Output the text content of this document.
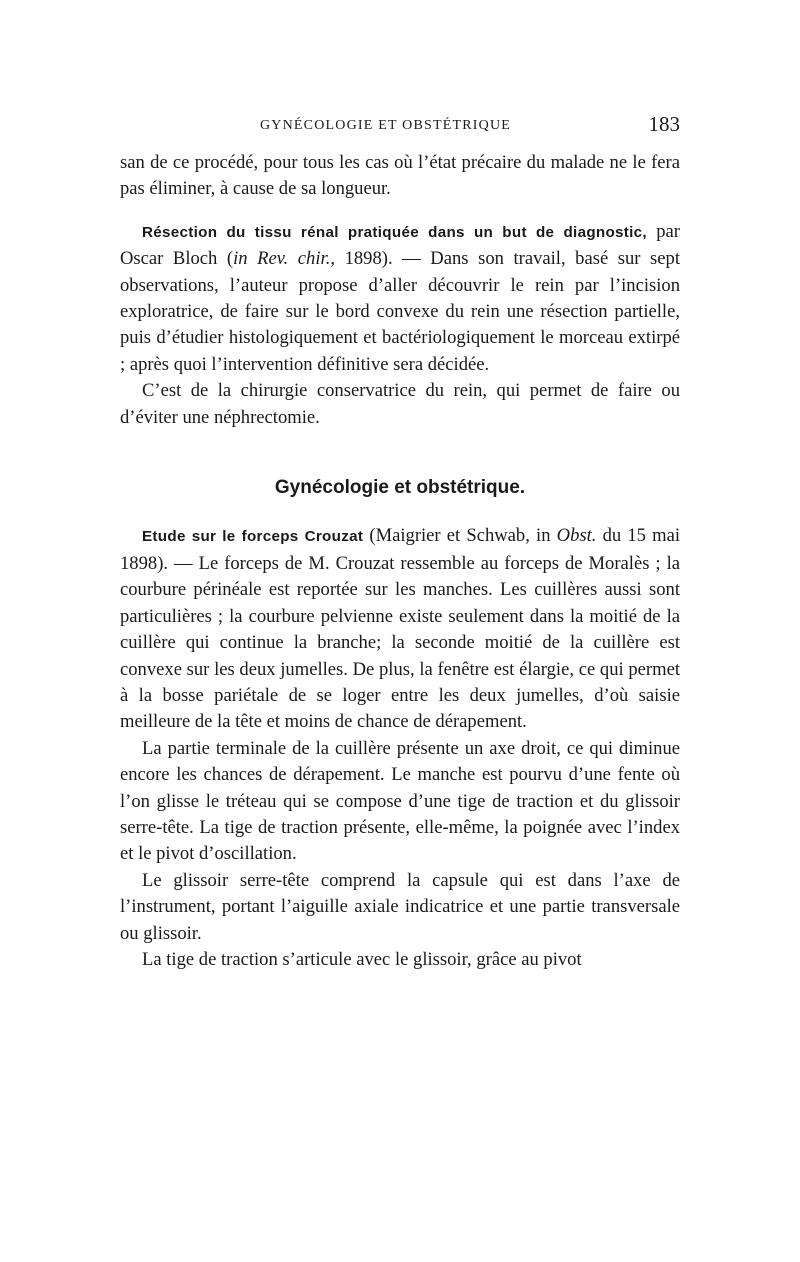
GYNÉCOLOGIE ET OBSTÉTRIQUE	183

san de ce procédé, pour tous les cas où l’état précaire du malade ne le fera pas éliminer, à cause de sa longueur.

Résection du tissu rénal pratiquée dans un but de diagnostic, par Oscar Bloch (in Rev. chir., 1898). — Dans son travail, basé sur sept observations, l’auteur propose d’aller découvrir le rein par l’incision exploratrice, de faire sur le bord convexe du rein une résection partielle, puis d’étudier histologiquement et bactériologiquement le morceau extirpé ; après quoi l’intervention définitive sera décidée.

C’est de la chirurgie conservatrice du rein, qui permet de faire ou d’éviter une néphrectomie.

Gynécologie et obstétrique.

Etude sur le forceps Crouzat (Maigrier et Schwab, in Obst. du 15 mai 1898). — Le forceps de M. Crouzat ressemble au forceps de Moralès ; la courbure périnéale est reportée sur les manches. Les cuillères aussi sont particulières ; la courbure pelvienne existe seulement dans la moitié de la cuillère qui continue la branche; la seconde moitié de la cuillère est convexe sur les deux jumelles. De plus, la fenêtre est élargie, ce qui permet à la bosse pariétale de se loger entre les deux jumelles, d’où saisie meilleure de la tête et moins de chance de dérapement.

La partie terminale de la cuillère présente un axe droit, ce qui diminue encore les chances de dérapement. Le manche est pourvu d’une fente où l’on glisse le tréteau qui se compose d’une tige de traction et du glissoir serre-tête. La tige de traction présente, elle-même, la poignée avec l’index et le pivot d’oscillation.

Le glissoir serre-tête comprend la capsule qui est dans l’axe de l’instrument, portant l’aiguille axiale indicatrice et une partie transversale ou glissoir.

La tige de traction s’articule avec le glissoir, grâce au pivot
